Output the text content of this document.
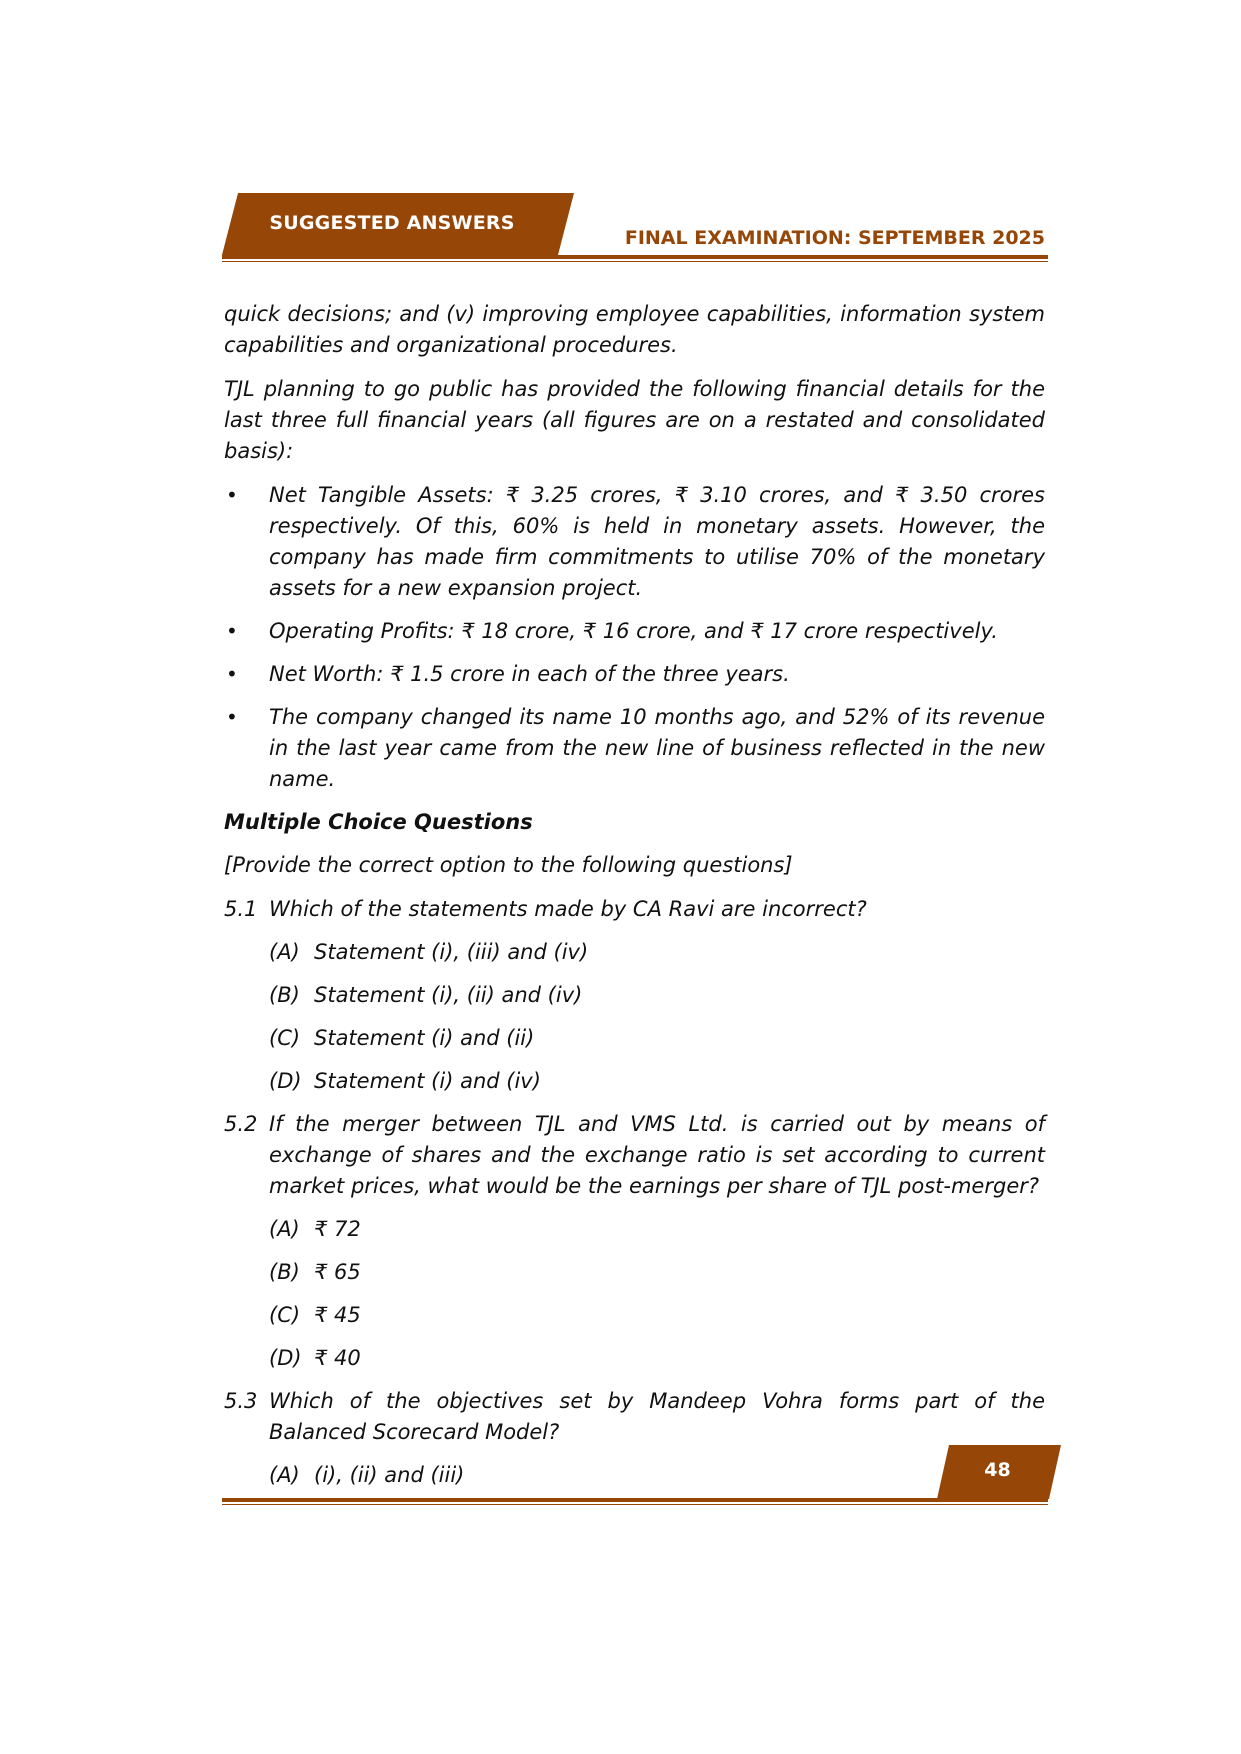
SUGGESTED ANSWERS
FINAL EXAMINATION: SEPTEMBER 2025

quick decisions; and (v) improving employee capabilities, information system capabilities and organizational procedures.

TJL planning to go public has provided the following financial details for the last three full financial years (all figures are on a restated and consolidated basis):

• Net Tangible Assets: ₹ 3.25 crores, ₹ 3.10 crores, and ₹ 3.50 crores respectively. Of this, 60% is held in monetary assets. However, the company has made firm commitments to utilise 70% of the monetary assets for a new expansion project.
• Operating Profits: ₹ 18 crore, ₹ 16 crore, and ₹ 17 crore respectively.
• Net Worth: ₹ 1.5 crore in each of the three years.
• The company changed its name 10 months ago, and 52% of its revenue in the last year came from the new line of business reflected in the new name.

Multiple Choice Questions

[Provide the correct option to the following questions]

5.1 Which of the statements made by CA Ravi are incorrect?

(A) Statement (i), (iii) and (iv)

(B) Statement (i), (ii) and (iv)

(C) Statement (i) and (ii)

(D) Statement (i) and (iv)

5.2 If the merger between TJL and VMS Ltd. is carried out by means of exchange of shares and the exchange ratio is set according to current market prices, what would be the earnings per share of TJL post-merger?

(A) ₹ 72

(B) ₹ 65

(C) ₹ 45

(D) ₹ 40

5.3 Which of the objectives set by Mandeep Vohra forms part of the Balanced Scorecard Model?

(A) (i), (ii) and (iii)	48
